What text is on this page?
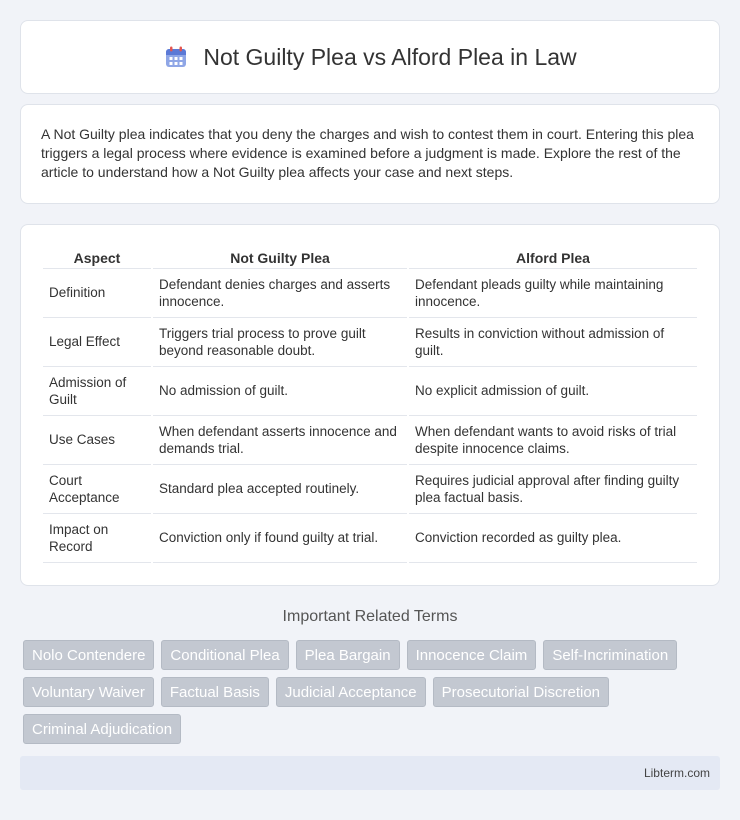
Not Guilty Plea vs Alford Plea in Law

A Not Guilty plea indicates that you deny the charges and wish to contest them in court. Entering this plea triggers a legal process where evidence is examined before a judgment is made. Explore the rest of the article to understand how a Not Guilty plea affects your case and next steps.

Aspect	Not Guilty Plea	Alford Plea
Definition	Defendant denies charges and asserts innocence.	Defendant pleads guilty while maintaining innocence.
Legal Effect	Triggers trial process to prove guilt beyond reasonable doubt.	Results in conviction without admission of guilt.
Admission of Guilt	No admission of guilt.	No explicit admission of guilt.
Use Cases	When defendant asserts innocence and demands trial.	When defendant wants to avoid risks of trial despite innocence claims.
Court Acceptance	Standard plea accepted routinely.	Requires judicial approval after finding guilty plea factual basis.
Impact on Record	Conviction only if found guilty at trial.	Conviction recorded as guilty plea.
Important Related Terms
Nolo Contendere	Conditional Plea	Plea Bargain	Innocence Claim	Self-Incrimination
Voluntary Waiver	Factual Basis	Judicial Acceptance	Prosecutorial Discretion
Criminal Adjudication
Libterm.com
